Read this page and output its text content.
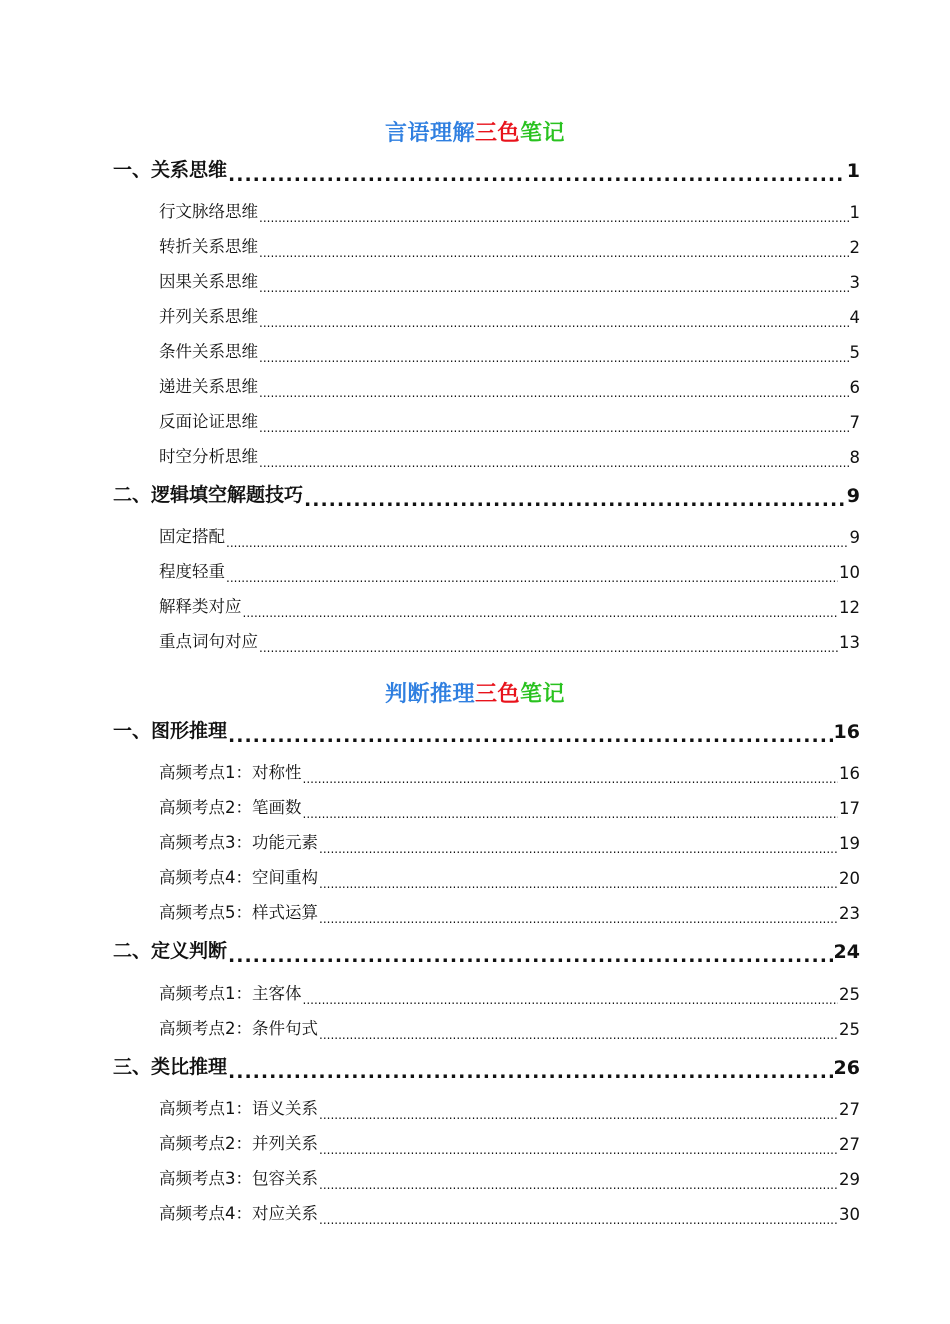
言语理解三色笔记
一、关系思维 .....	1
行文脉络思维 .....	1
转折关系思维 .....	2
因果关系思维 .....	3
并列关系思维 .....	4
条件关系思维 .....	5
递进关系思维 .....	6
反面论证思维 .....	7
时空分析思维 .....	8
二、逻辑填空解题技巧 .....	9
固定搭配 .....	9
程度轻重 .....	10
解释类对应 .....	12
重点词句对应 .....	13
判断推理三色笔记
一、图形推理 .....	16
高频考点1：对称性 .....	16
高频考点2：笔画数 .....	17
高频考点3：功能元素 .....	19
高频考点4：空间重构 .....	20
高频考点5：样式运算 .....	23
二、定义判断 .....	24
高频考点1：主客体 .....	25
高频考点2：条件句式 .....	25
三、类比推理 .....	26
高频考点1：语义关系 .....	27
高频考点2：并列关系 .....	27
高频考点3：包容关系 .....	29
高频考点4：对应关系 .....	30
